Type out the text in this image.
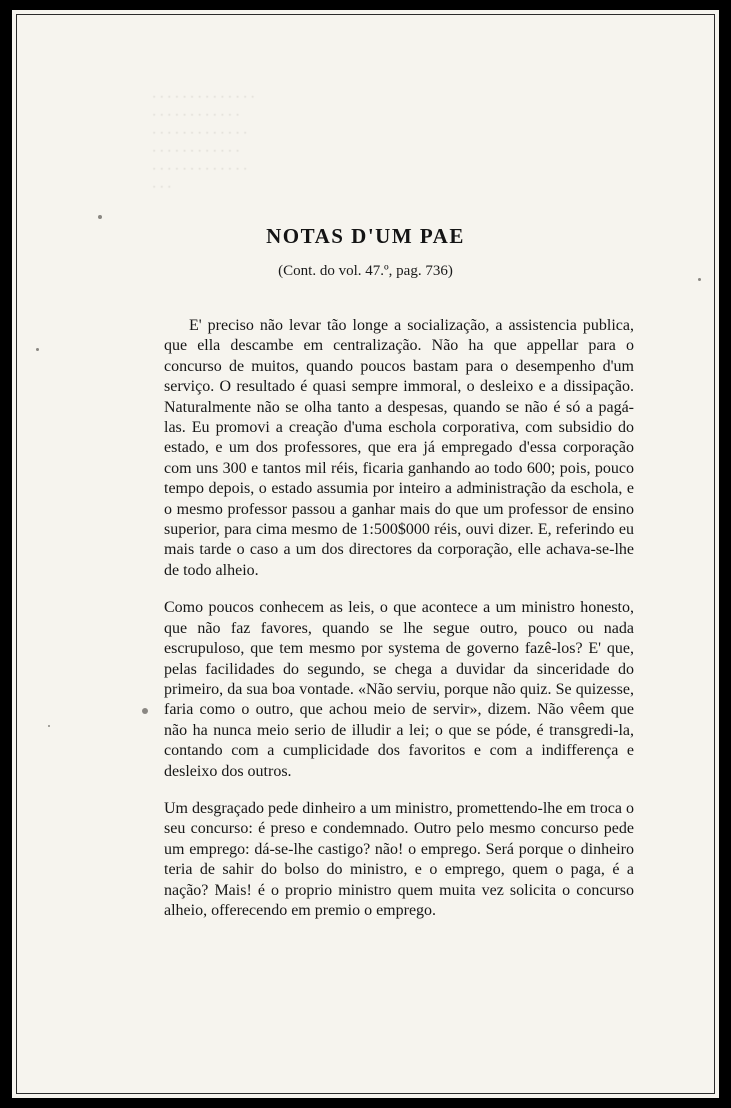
· · · · · · · · · · · · · ·
· · · · · · · · · · · ·
· · · · · · · · · · · · ·
· · · · · · · · · · · ·
· · · · · · · · · · · · ·
· · ·
NOTAS D'UM PAE
(Cont. do vol. 47.º, pag. 736)

E' preciso não levar tão longe a socialização, a assistencia publica, que ella descambe em centralização. Não ha que appellar para o concurso de muitos, quando poucos bastam para o desempenho d'um serviço. O resultado é quasi sempre immoral, o desleixo e a dissipação. Naturalmente não se olha tanto a despesas, quando se não é só a pagá-las. Eu promovi a creação d'uma eschola corporativa, com subsidio do estado, e um dos professores, que era já empregado d'essa corporação com uns 300 e tantos mil réis, ficaria ganhando ao todo 600; pois, pouco tempo depois, o estado assumia por inteiro a administração da eschola, e o mesmo professor passou a ganhar mais do que um professor de ensino superior, para cima mesmo de 1:500$000 réis, ouvi dizer. E, referindo eu mais tarde o caso a um dos directores da corporação, elle achava-se-lhe de todo alheio.

Como poucos conhecem as leis, o que acontece a um ministro honesto, que não faz favores, quando se lhe segue outro, pouco ou nada escrupuloso, que tem mesmo por systema de governo fazê-los? E' que, pelas facilidades do segundo, se chega a duvidar da sinceridade do primeiro, da sua boa vontade. «Não serviu, porque não quiz. Se quizesse, faria como o outro, que achou meio de servir», dizem. Não vêem que não ha nunca meio serio de illudir a lei; o que se póde, é transgredi-la, contando com a cumplicidade dos favoritos e com a indifferença e desleixo dos outros.

Um desgraçado pede dinheiro a um ministro, promettendo-lhe em troca o seu concurso: é preso e condemnado. Outro pelo mesmo concurso pede um emprego: dá-se-lhe castigo? não! o emprego. Será porque o dinheiro teria de sahir do bolso do ministro, e o emprego, quem o paga, é a nação? Mais! é o proprio ministro quem muita vez solicita o concurso alheio, offerecendo em premio o emprego.
